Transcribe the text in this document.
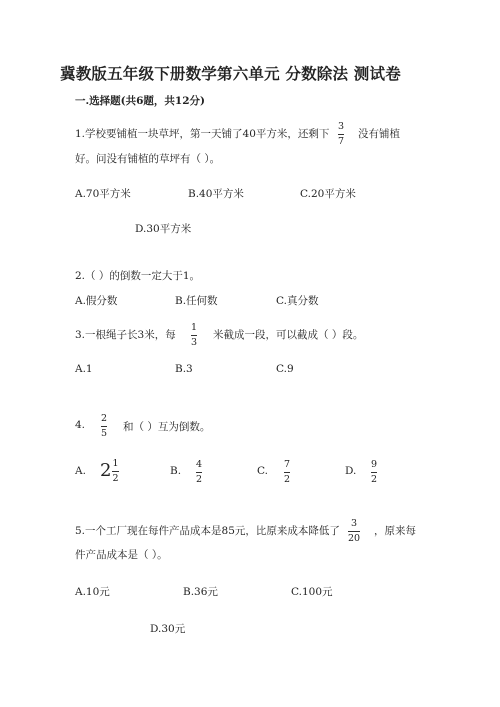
冀教版五年级下册数学第六单元 分数除法 测试卷
一.选择题(共6题，共12分)
1.学校要铺植一块草坪，第一天铺了40平方米，还剩下
3
7
没有铺植
好。问没有铺植的草坪有（ ）。
A.70平方米	B.40平方米	C.20平方米
D.30平方米
2.（ ）的倒数一定大于1。
A.假分数	B.任何数	C.真分数
3.一根绳子长3米，每
1
3
米截成一段，可以截成（ ）段。
A.1	B.3	C.9
4.
2
5 和（ ）互为倒数。
A. $2 \frac{1}{2}$	B.
4
2
C.
7
2
D.
9
2
5.一个工厂现在每件产品成本是85元，比原来成本降低了
3
20
，原来每
件产品成本是（ ）。
A.10元	B.36元	C.100元
D.30元
